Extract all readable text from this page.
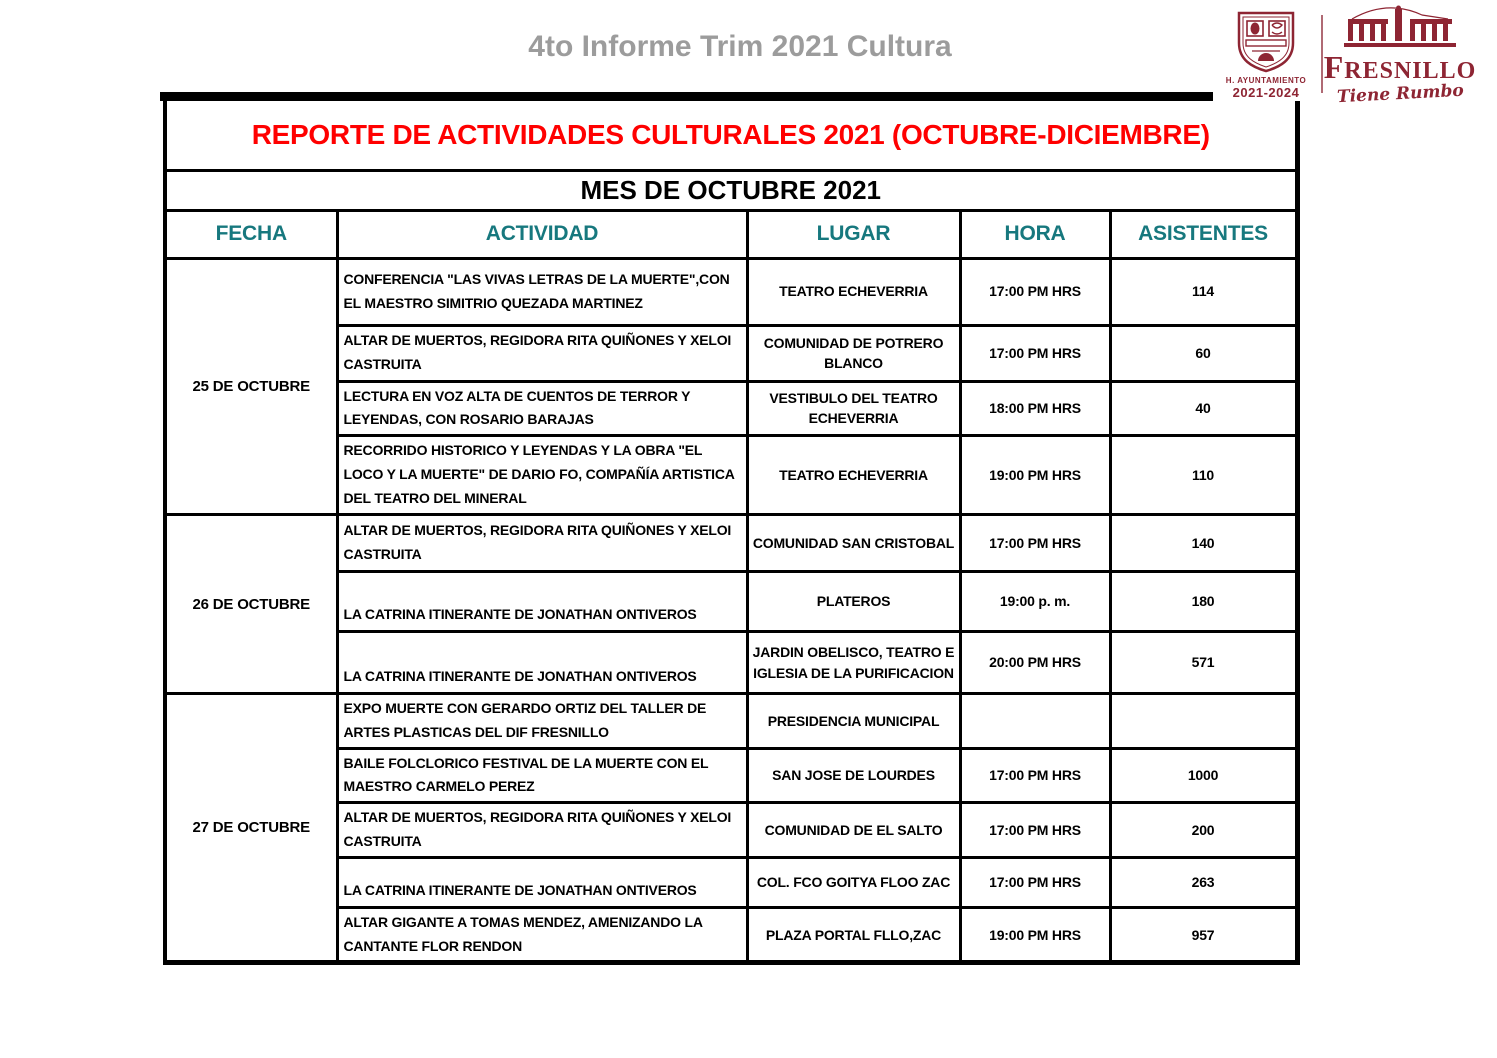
4to Informe Trim 2021 Cultura
H. AYUNTAMIENTO
2021-2024
FRESNILLO
Tiene Rumbo
REPORTE DE ACTIVIDADES CULTURALES 2021 (OCTUBRE-DICIEMBRE)				
MES DE OCTUBRE 2021				
FECHA	ACTIVIDAD	LUGAR	HORA	ASISTENTES
25 DE OCTUBRE	CONFERENCIA "LAS VIVAS LETRAS DE LA MUERTE",CON EL MAESTRO SIMITRIO QUEZADA MARTINEZ	TEATRO ECHEVERRIA	17:00 PM HRS	114
	ALTAR DE MUERTOS, REGIDORA RITA QUIÑONES Y XELOI CASTRUITA	COMUNIDAD DE POTRERO BLANCO	17:00 PM HRS	60
	LECTURA EN VOZ ALTA DE CUENTOS DE TERROR Y LEYENDAS, CON ROSARIO BARAJAS	VESTIBULO DEL TEATRO ECHEVERRIA	18:00 PM HRS	40
	RECORRIDO HISTORICO Y LEYENDAS Y LA OBRA "EL LOCO Y LA MUERTE" DE DARIO FO, COMPAÑÍA ARTISTICA DEL TEATRO DEL MINERAL	TEATRO ECHEVERRIA	19:00 PM HRS	110
26 DE OCTUBRE	ALTAR DE MUERTOS, REGIDORA RITA QUIÑONES Y XELOI CASTRUITA	COMUNIDAD SAN CRISTOBAL	17:00 PM HRS	140
	LA CATRINA ITINERANTE DE JONATHAN ONTIVEROS	PLATEROS	19:00 p. m.	180
	LA CATRINA ITINERANTE DE JONATHAN ONTIVEROS	JARDIN OBELISCO, TEATRO E IGLESIA DE LA PURIFICACION	20:00 PM HRS	571
27 DE OCTUBRE	EXPO MUERTE CON GERARDO ORTIZ DEL TALLER DE ARTES PLASTICAS DEL DIF FRESNILLO	PRESIDENCIA MUNICIPAL		
	BAILE FOLCLORICO FESTIVAL DE LA MUERTE CON EL MAESTRO CARMELO PEREZ	SAN JOSE DE LOURDES	17:00 PM HRS	1000
	ALTAR DE MUERTOS, REGIDORA RITA QUIÑONES Y XELOI CASTRUITA	COMUNIDAD DE EL SALTO	17:00 PM HRS	200
	LA CATRINA ITINERANTE DE JONATHAN ONTIVEROS	COL. FCO GOITYA FLOO ZAC	17:00 PM HRS	263
	ALTAR GIGANTE A TOMAS MENDEZ, AMENIZANDO LA CANTANTE FLOR RENDON	PLAZA PORTAL FLLO,ZAC	19:00 PM HRS	957
